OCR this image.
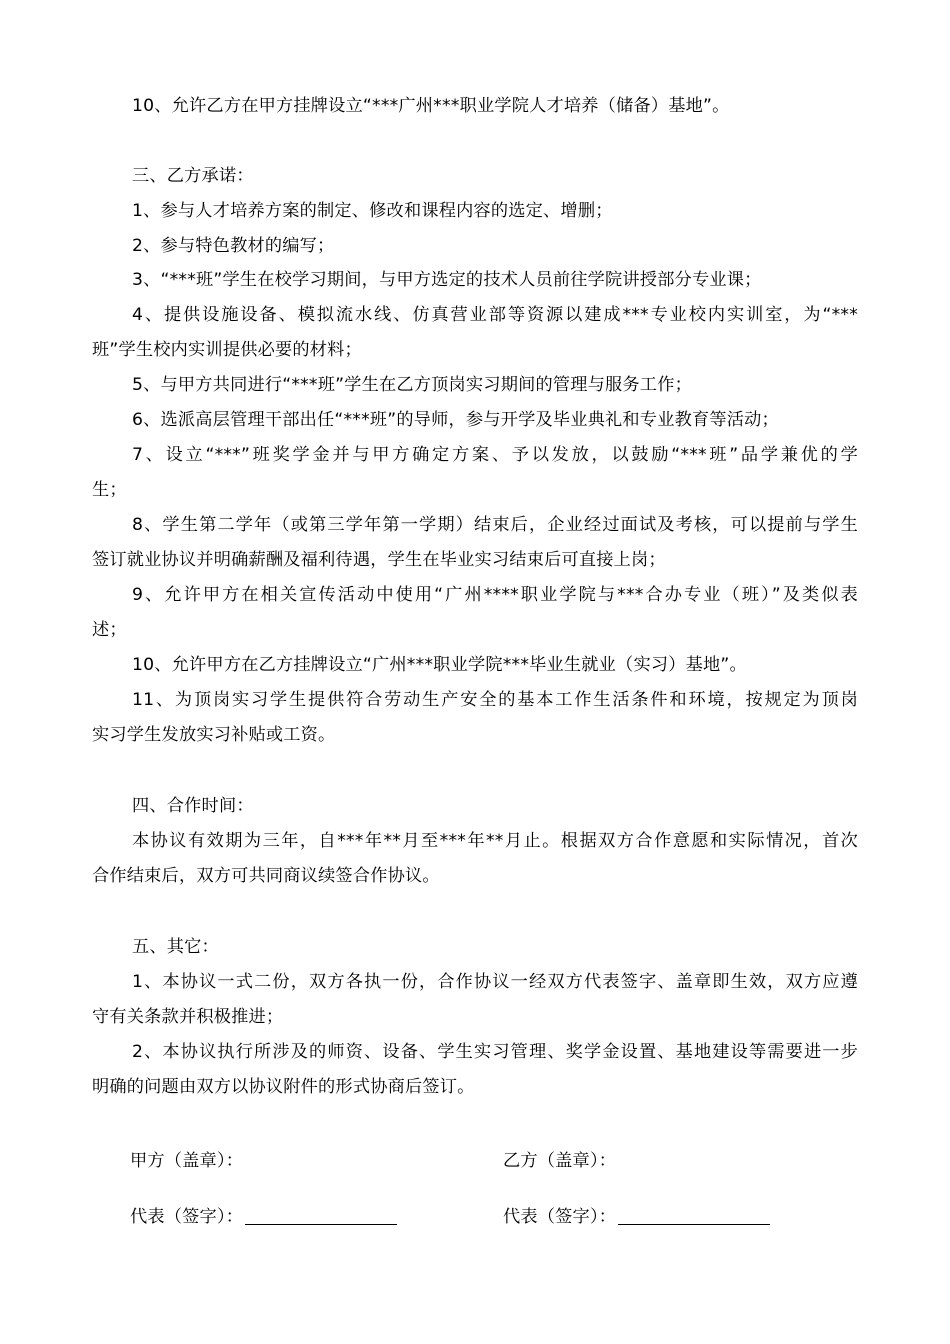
10、允许乙方在甲方挂牌设立“***广州***职业学院人才培养（储备）基地”。
三、乙方承诺：
1、参与人才培养方案的制定、修改和课程内容的选定、增删；
2、参与特色教材的编写；
3、“***班”学生在校学习期间，与甲方选定的技术人员前往学院讲授部分专业课；
4、提供设施设备、模拟流水线、仿真营业部等资源以建成***专业校内实训室，为“***
班”学生校内实训提供必要的材料；
5、与甲方共同进行“***班”学生在乙方顶岗实习期间的管理与服务工作；
6、选派高层管理干部出任“***班”的导师，参与开学及毕业典礼和专业教育等活动；
7、设立“***”班奖学金并与甲方确定方案、予以发放，以鼓励“***班”品学兼优的学
生；
8、学生第二学年（或第三学年第一学期）结束后，企业经过面试及考核，可以提前与学生
签订就业协议并明确薪酬及福利待遇，学生在毕业实习结束后可直接上岗；
9、允许甲方在相关宣传活动中使用“广州****职业学院与***合办专业（班）”及类似表
述；
10、允许甲方在乙方挂牌设立“广州***职业学院***毕业生就业（实习）基地”。
11、为顶岗实习学生提供符合劳动生产安全的基本工作生活条件和环境，按规定为顶岗
实习学生发放实习补贴或工资。
四、合作时间：
本协议有效期为三年，自***年**月至***年**月止。根据双方合作意愿和实际情况，首次
合作结束后，双方可共同商议续签合作协议。
五、其它：
1、本协议一式二份，双方各执一份，合作协议一经双方代表签字、盖章即生效，双方应遵
守有关条款并积极推进；
2、本协议执行所涉及的师资、设备、学生实习管理、奖学金设置、基地建设等需要进一步
明确的问题由双方以协议附件的形式协商后签订。
甲方（盖章）：	乙方（盖章）：
代表（签字）：	代表（签字）：
